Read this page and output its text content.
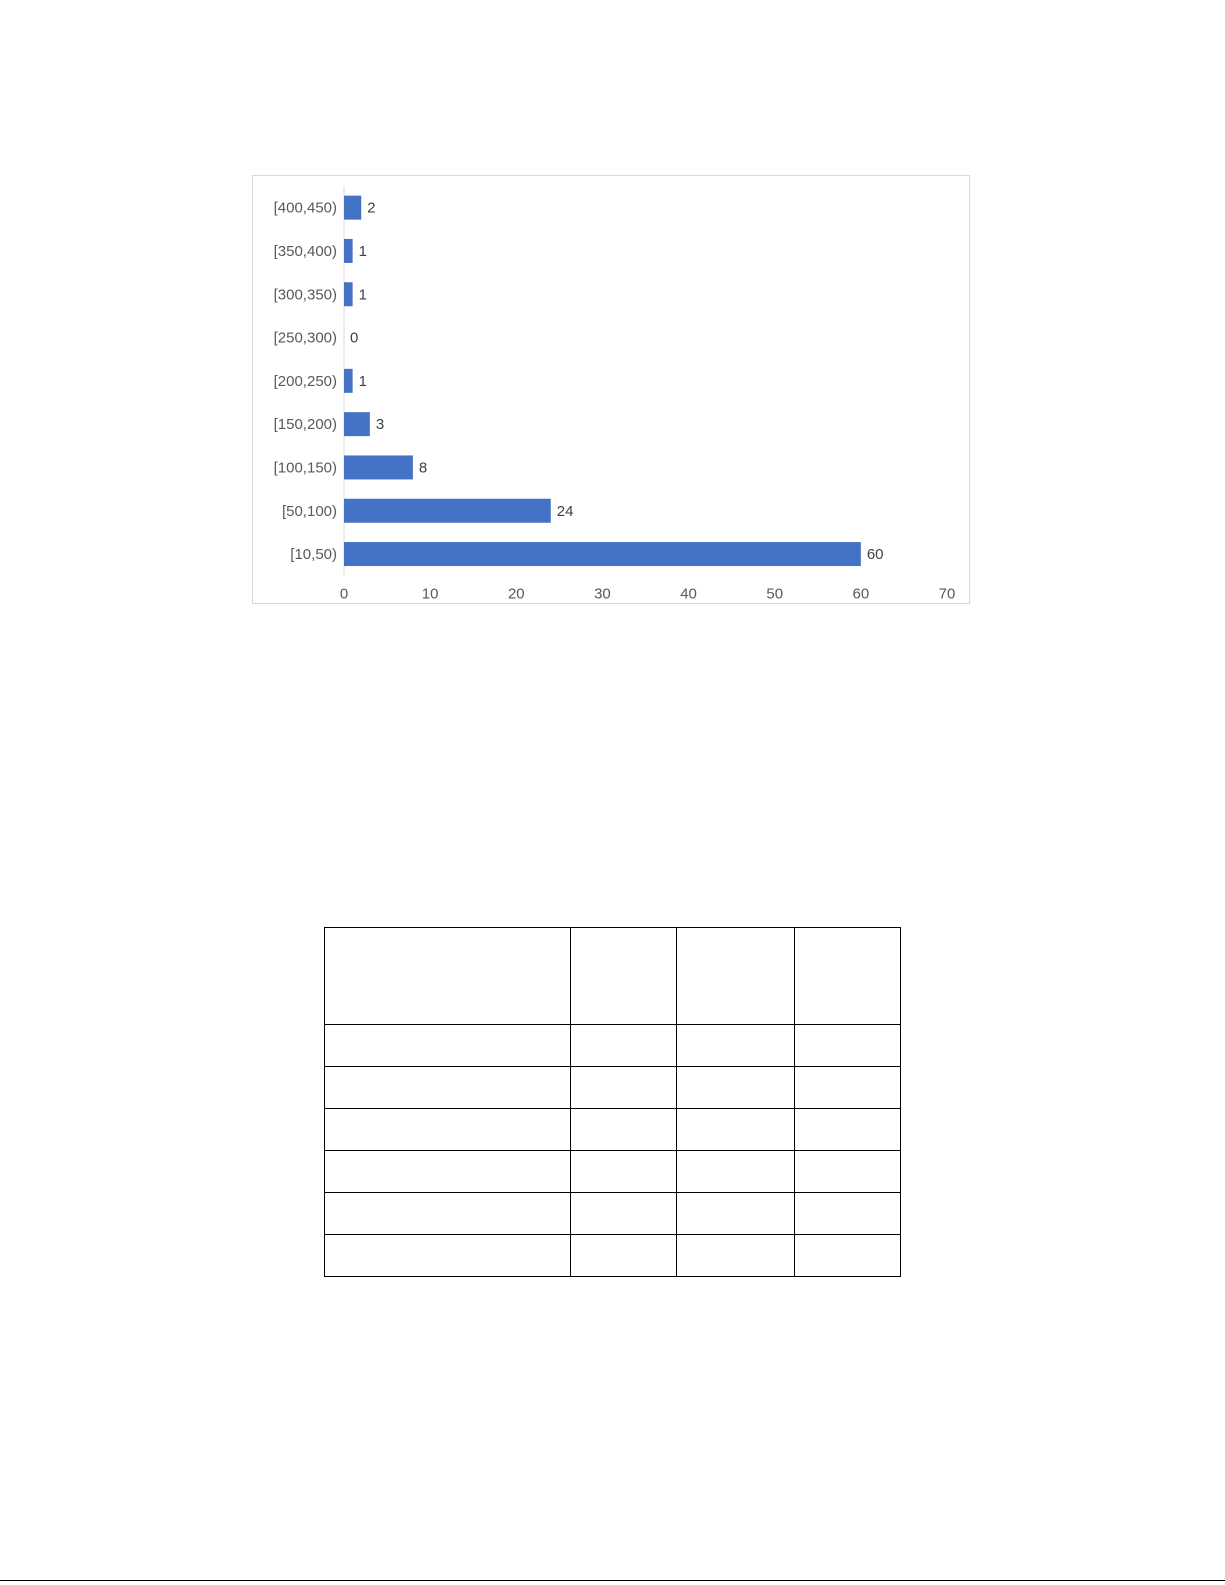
[10,50)	60
[50,100)	24
[100,150)	8
[150,200)	3
[200,250) 1
[250,300) 0
[300,350) 1
[350,400) 1
[400,450) 2
0	10	20	30	40	50	60	70
